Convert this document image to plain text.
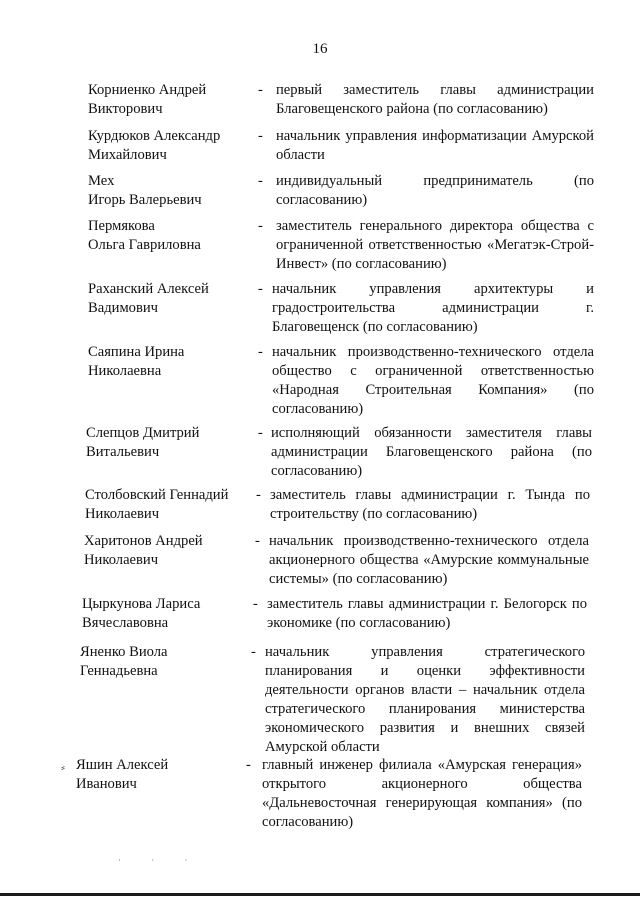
16
Корниенко Андрей
Викторович
- первый заместитель главы администрации Благовещенского района (по согласованию)
Курдюков Александр
Михайлович
- начальник управления информатизации Амурской области
Мех
Игорь Валерьевич
- индивидуальный предприниматель (по согласованию)
Пермякова
Ольга Гавриловна
- заместитель генерального директора общества с ограниченной ответственностью «Мегатэк-Строй-Инвест» (по согласованию)
Раханский Алексей
Вадимович
- начальник управления архитектуры и градостроительства администрации г. Благовещенск (по согласованию)
Саяпина Ирина
Николаевна
- начальник производственно-технического отдела общество с ограниченной ответственностью «Народная Строительная Компания» (по согласованию)
Слепцов Дмитрий
Витальевич
- исполняющий обязанности заместителя главы администрации Благовещенского района (по согласованию)
Столбовский Геннадий
Николаевич
- заместитель главы администрации г. Тында по строительству (по согласованию)
Харитонов Андрей
Николаевич
- начальник производственно-технического отдела акционерного общества «Амурские коммунальные системы» (по согласованию)
Цыркунова Лариса
Вячеславовна
- заместитель главы администрации г. Белогорск по экономике (по согласованию)
Яненко Виола
Геннадьевна
- начальник управления стратегического планирования и оценки эффективности деятельности органов власти – начальник отдела стратегического планирования министерства экономического развития и внешних связей Амурской области
⸗ Яшин Алексей
Иванович
- главный инженер филиала «Амурская генерация» открытого акционерного общества «Дальневосточная генерирующая компания» (по согласованию)
· · ·
